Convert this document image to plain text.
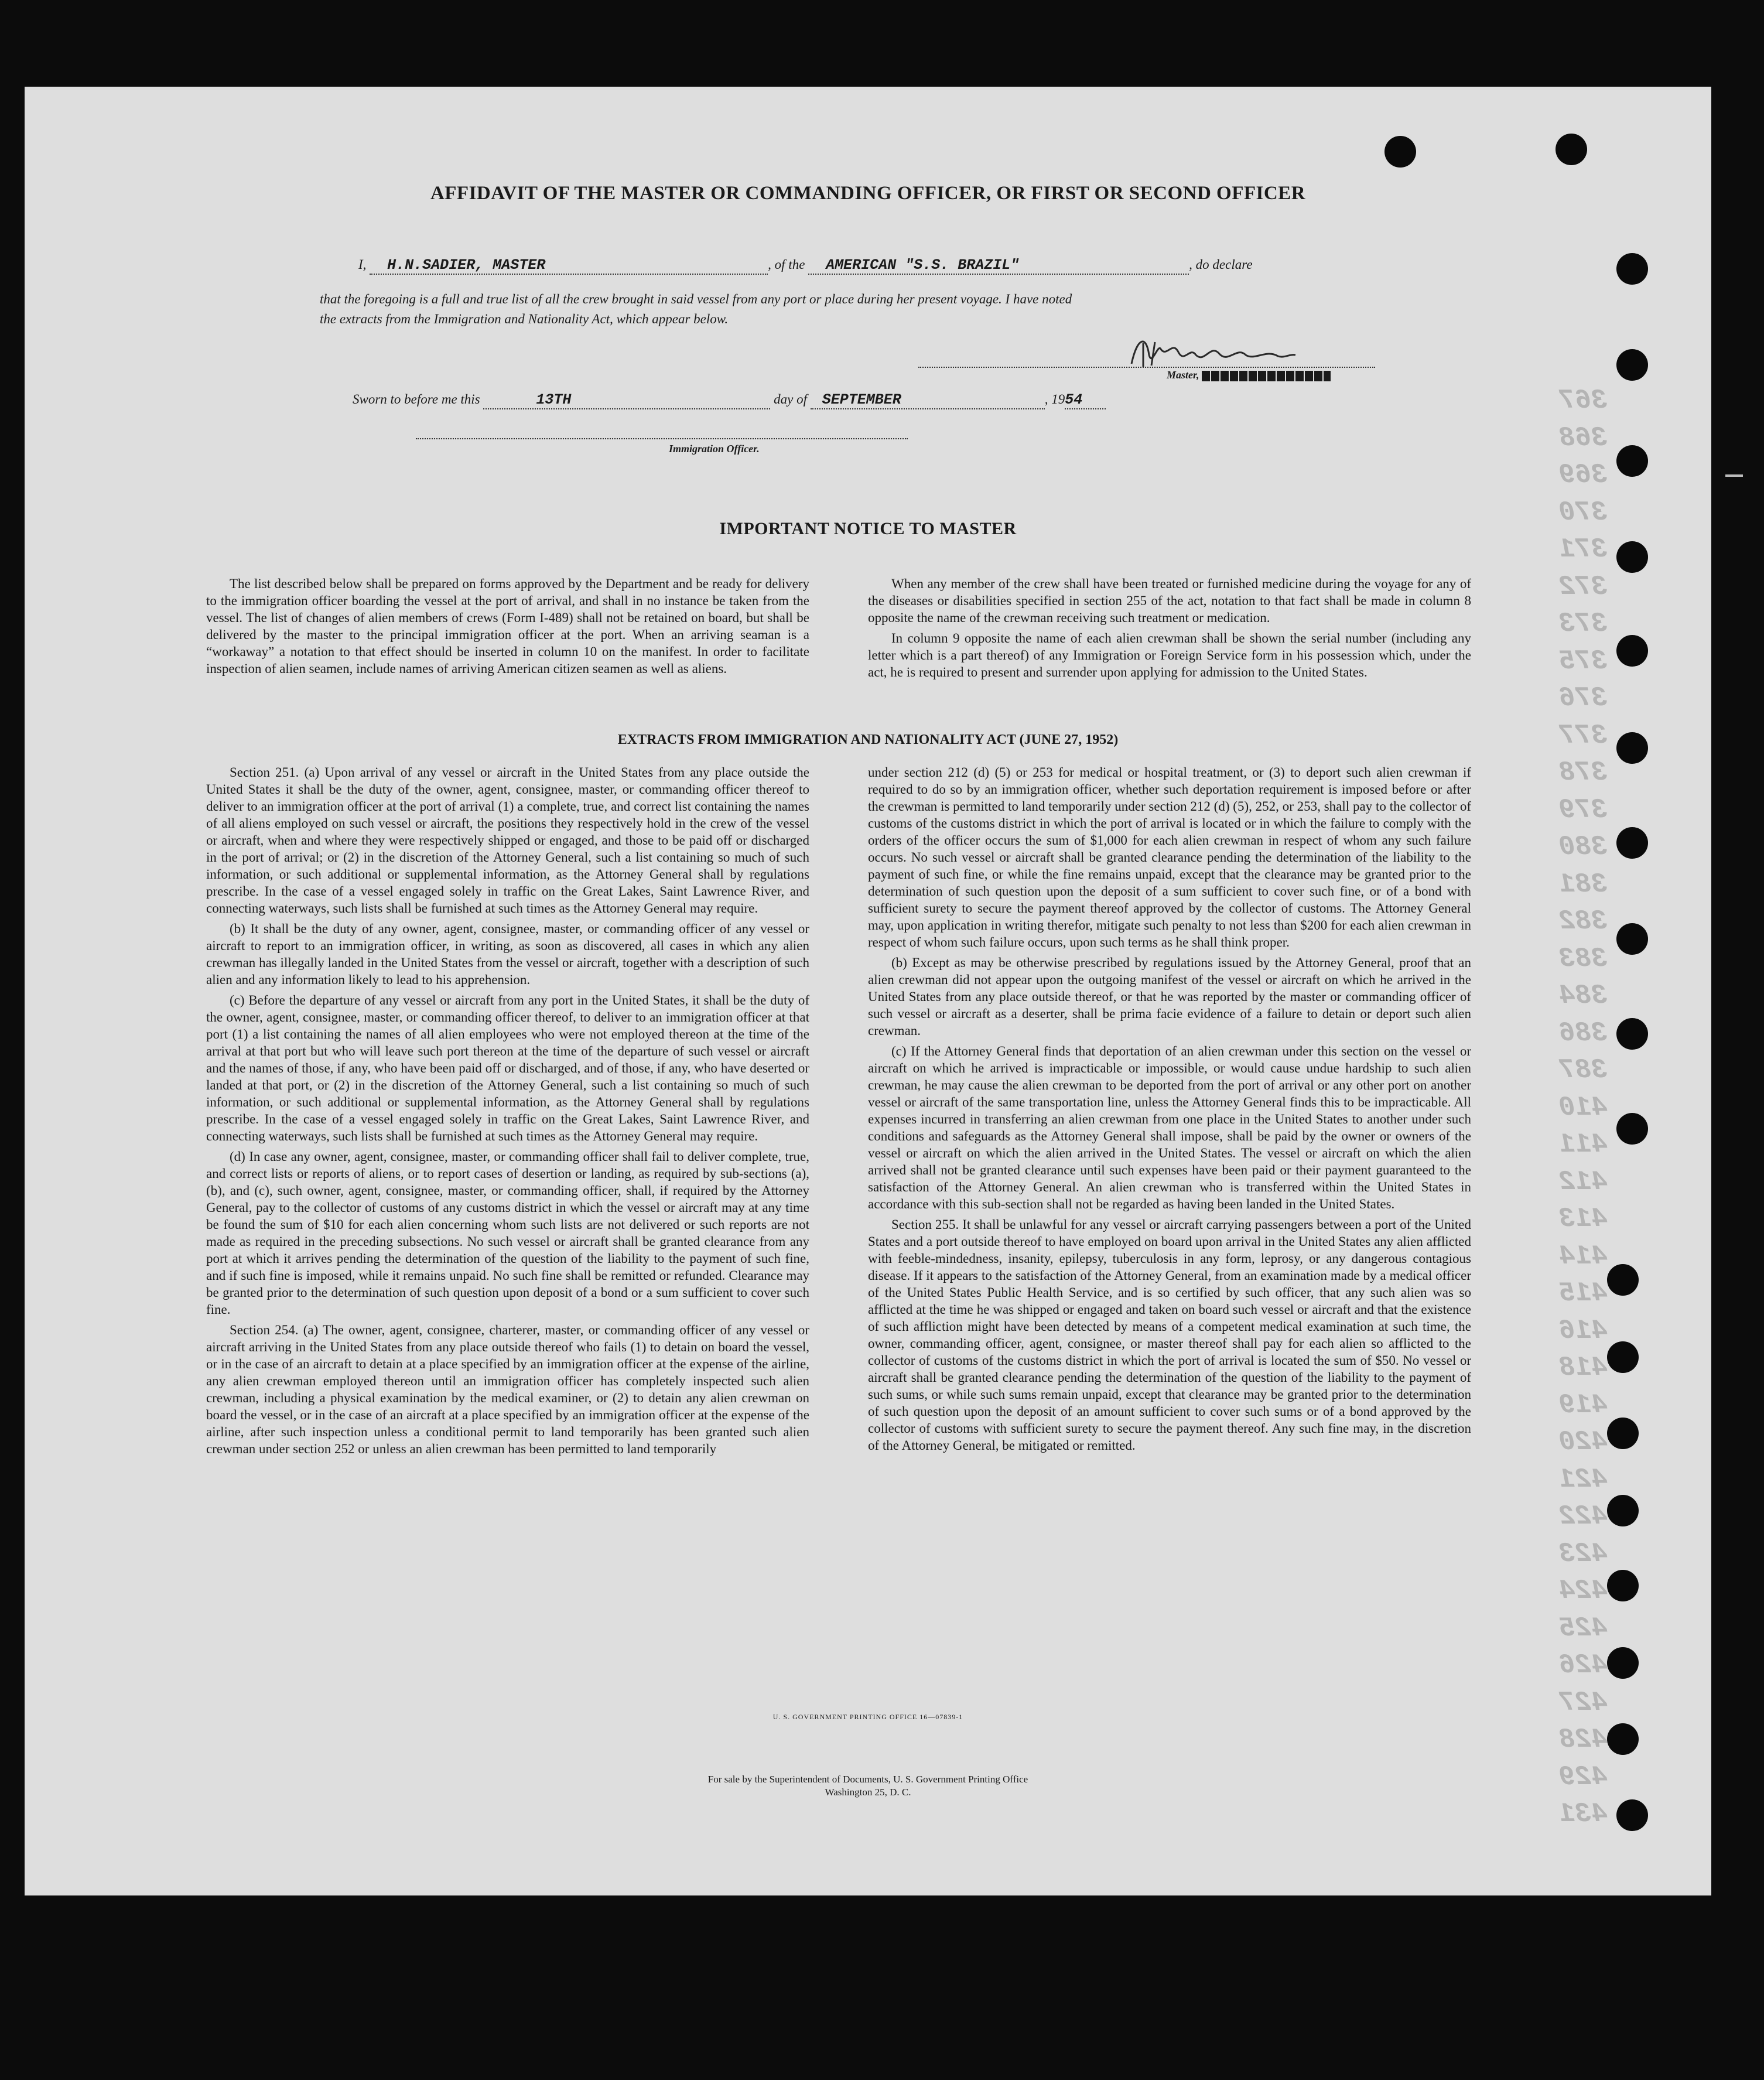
367
368
369
370
371
372
373
375
376
377
378
379
380
381
382
383
384
386
387
410
411
412
413
414
415
416
418
419
420
421
422
423
424
425
426
427
428
429
431
AFFIDAVIT OF THE MASTER OR COMMANDING OFFICER, OR FIRST OR SECOND OFFICER
I, H.N.SADIER, MASTER	, of the AMERICAN "S.S. BRAZIL"	, do declare
that the foregoing is a full and true list of all the crew brought in said vessel from any port or place during her present voyage. I have noted
the extracts from the Immigration and Nationality Act, which appear below.
Master,
Sworn to before me this	13TH	day of SEPTEMBER	, 1954
Immigration Officer.
IMPORTANT NOTICE TO MASTER

The list described below shall be prepared on forms approved by the Department and be ready for delivery to the immigration officer boarding the vessel at the port of arrival, and shall in no instance be taken from the vessel. The list of changes of alien members of crews (Form I-489) shall not be retained on board, but shall be delivered by the master to the principal immigration officer at the port. When an arriving seaman is a “workaway” a notation to that effect should be inserted in column 10 on the manifest. In order to facilitate inspection of alien seamen, include names of arriving American citizen seamen as well as aliens.

When any member of the crew shall have been treated or furnished medicine during the voyage for any of the diseases or disabilities specified in section 255 of the act, notation to that fact shall be made in column 8 opposite the name of the crewman receiving such treatment or medication.

In column 9 opposite the name of each alien crewman shall be shown the serial number (including any letter which is a part thereof) of any Immigration or Foreign Service form in his possession which, under the act, he is required to present and surrender upon applying for admission to the United States.

EXTRACTS FROM IMMIGRATION AND NATIONALITY ACT (JUNE 27, 1952)

Section 251. (a) Upon arrival of any vessel or aircraft in the United States from any place outside the United States it shall be the duty of the owner, agent, consignee, master, or commanding officer thereof to deliver to an immigration officer at the port of arrival (1) a complete, true, and correct list containing the names of all aliens employed on such vessel or aircraft, the positions they respectively hold in the crew of the vessel or aircraft, when and where they were respectively shipped or engaged, and those to be paid off or discharged in the port of arrival; or (2) in the discretion of the Attorney General, such a list containing so much of such information, or such additional or supplemental information, as the Attorney General shall by regulations prescribe. In the case of a vessel engaged solely in traffic on the Great Lakes, Saint Lawrence River, and connecting waterways, such lists shall be furnished at such times as the Attorney General may require.

(b) It shall be the duty of any owner, agent, consignee, master, or commanding officer of any vessel or aircraft to report to an immigration officer, in writing, as soon as discovered, all cases in which any alien crewman has illegally landed in the United States from the vessel or aircraft, together with a description of such alien and any information likely to lead to his apprehension.

(c) Before the departure of any vessel or aircraft from any port in the United States, it shall be the duty of the owner, agent, consignee, master, or commanding officer thereof, to deliver to an immigration officer at that port (1) a list containing the names of all alien employees who were not employed thereon at the time of the arrival at that port but who will leave such port thereon at the time of the departure of such vessel or aircraft and the names of those, if any, who have been paid off or discharged, and of those, if any, who have deserted or landed at that port, or (2) in the discretion of the Attorney General, such a list containing so much of such information, or such additional or supplemental information, as the Attorney General shall by regulations prescribe. In the case of a vessel engaged solely in traffic on the Great Lakes, Saint Lawrence River, and connecting waterways, such lists shall be furnished at such times as the Attorney General may require.

(d) In case any owner, agent, consignee, master, or commanding officer shall fail to deliver complete, true, and correct lists or reports of aliens, or to report cases of desertion or landing, as required by sub-sections (a), (b), and (c), such owner, agent, consignee, master, or commanding officer, shall, if required by the Attorney General, pay to the collector of customs of any customs district in which the vessel or aircraft may at any time be found the sum of $10 for each alien concerning whom such lists are not delivered or such reports are not made as required in the preceding subsections. No such vessel or aircraft shall be granted clearance from any port at which it arrives pending the determination of the question of the liability to the payment of such fine, and if such fine is imposed, while it remains unpaid. No such fine shall be remitted or refunded. Clearance may be granted prior to the determination of such question upon deposit of a bond or a sum sufficient to cover such fine.

Section 254. (a) The owner, agent, consignee, charterer, master, or commanding officer of any vessel or aircraft arriving in the United States from any place outside thereof who fails (1) to detain on board the vessel, or in the case of an aircraft to detain at a place specified by an immigration officer at the expense of the airline, any alien crewman employed thereon until an immigration officer has completely inspected such alien crewman, including a physical examination by the medical examiner, or (2) to detain any alien crewman on board the vessel, or in the case of an aircraft at a place specified by an immigration officer at the expense of the airline, after such inspection unless a conditional permit to land temporarily has been granted such alien crewman under section 252 or unless an alien crewman has been permitted to land temporarily

under section 212 (d) (5) or 253 for medical or hospital treatment, or (3) to deport such alien crewman if required to do so by an immigration officer, whether such deportation requirement is imposed before or after the crewman is permitted to land temporarily under section 212 (d) (5), 252, or 253, shall pay to the collector of customs of the customs district in which the port of arrival is located or in which the failure to comply with the orders of the officer occurs the sum of $1,000 for each alien crewman in respect of whom any such failure occurs. No such vessel or aircraft shall be granted clearance pending the determination of the liability to the payment of such fine, or while the fine remains unpaid, except that the clearance may be granted prior to the determination of such question upon the deposit of a sum sufficient to cover such fine, or of a bond with sufficient surety to secure the payment thereof approved by the collector of customs. The Attorney General may, upon application in writing therefor, mitigate such penalty to not less than $200 for each alien crewman in respect of whom such failure occurs, upon such terms as he shall think proper.

(b) Except as may be otherwise prescribed by regulations issued by the Attorney General, proof that an alien crewman did not appear upon the outgoing manifest of the vessel or aircraft on which he arrived in the United States from any place outside thereof, or that he was reported by the master or commanding officer of such vessel or aircraft as a deserter, shall be prima facie evidence of a failure to detain or deport such alien crewman.

(c) If the Attorney General finds that deportation of an alien crewman under this section on the vessel or aircraft on which he arrived is impracticable or impossible, or would cause undue hardship to such alien crewman, he may cause the alien crewman to be deported from the port of arrival or any other port on another vessel or aircraft of the same transportation line, unless the Attorney General finds this to be impracticable. All expenses incurred in transferring an alien crewman from one place in the United States to another under such conditions and safeguards as the Attorney General shall impose, shall be paid by the owner or owners of the vessel or aircraft on which the alien arrived in the United States. The vessel or aircraft on which the alien arrived shall not be granted clearance until such expenses have been paid or their payment guaranteed to the satisfaction of the Attorney General. An alien crewman who is transferred within the United States in accordance with this sub-section shall not be regarded as having been landed in the United States.

Section 255. It shall be unlawful for any vessel or aircraft carrying passengers between a port of the United States and a port outside thereof to have employed on board upon arrival in the United States any alien afflicted with feeble-mindedness, insanity, epilepsy, tuberculosis in any form, leprosy, or any dangerous contagious disease. If it appears to the satisfaction of the Attorney General, from an examination made by a medical officer of the United States Public Health Service, and is so certified by such officer, that any such alien was so afflicted at the time he was shipped or engaged and taken on board such vessel or aircraft and that the existence of such affliction might have been detected by means of a competent medical examination at such time, the owner, commanding officer, agent, consignee, or master thereof shall pay for each alien so afflicted to the collector of customs of the customs district in which the port of arrival is located the sum of $50. No vessel or aircraft shall be granted clearance pending the determination of the question of the liability to the payment of such sums, or while such sums remain unpaid, except that clearance may be granted prior to the determination of such question upon the deposit of an amount sufficient to cover such sums or of a bond approved by the collector of customs with sufficient surety to secure the payment thereof. Any such fine may, in the discretion of the Attorney General, be mitigated or remitted.

U. S. GOVERNMENT PRINTING OFFICE 16—07839-1
For sale by the Superintendent of Documents, U. S. Government Printing Office
Washington 25, D. C.
